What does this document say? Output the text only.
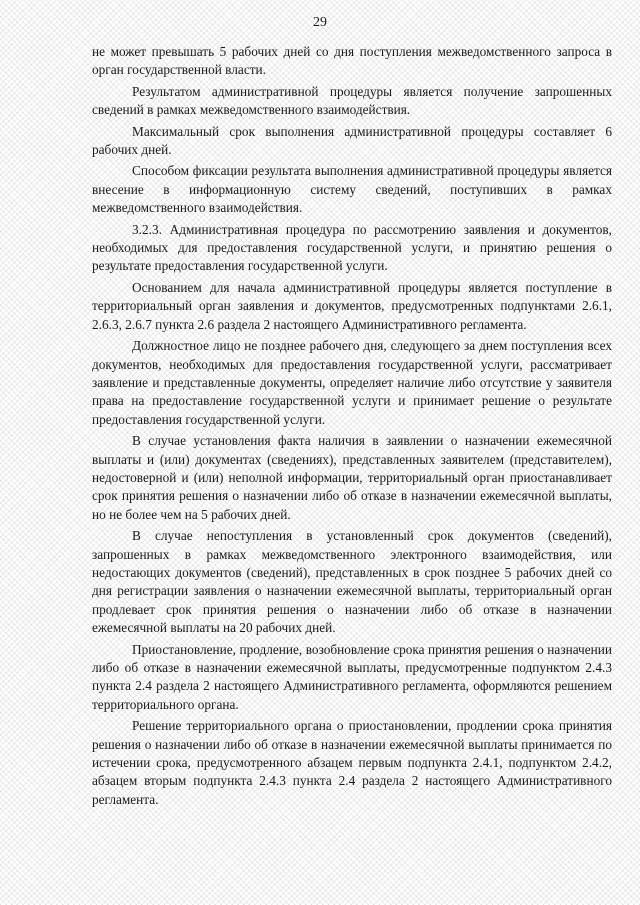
29

не может превышать 5 рабочих дней со дня поступления межведомственного запроса в орган государственной власти.

Результатом административной процедуры является получение запрошенных сведений в рамках межведомственного взаимодействия.

Максимальный срок выполнения административной процедуры составляет 6 рабочих дней.

Способом фиксации результата выполнения административной процедуры является внесение в информационную систему сведений, поступивших в рамках межведомственного взаимодействия.

3.2.3. Административная процедура по рассмотрению заявления и документов, необходимых для предоставления государственной услуги, и принятию решения о результате предоставления государственной услуги.

Основанием для начала административной процедуры является поступление в территориальный орган заявления и документов, предусмотренных подпунктами 2.6.1, 2.6.3, 2.6.7 пункта 2.6 раздела 2 настоящего Административного регламента.

Должностное лицо не позднее рабочего дня, следующего за днем поступления всех документов, необходимых для предоставления государственной услуги, рассматривает заявление и представленные документы, определяет наличие либо отсутствие у заявителя права на предоставление государственной услуги и принимает решение о результате предоставления государственной услуги.

В случае установления факта наличия в заявлении о назначении ежемесячной выплаты и (или) документах (сведениях), представленных заявителем (представителем), недостоверной и (или) неполной информации, территориальный орган приостанавливает срок принятия решения о назначении либо об отказе в назначении ежемесячной выплаты, но не более чем на 5 рабочих дней.

В случае непоступления в установленный срок документов (сведений), запрошенных в рамках межведомственного электронного взаимодействия, или недостающих документов (сведений), представленных в срок позднее 5 рабочих дней со дня регистрации заявления о назначении ежемесячной выплаты, территориальный орган продлевает срок принятия решения о назначении либо об отказе в назначении ежемесячной выплаты на 20 рабочих дней.

Приостановление, продление, возобновление срока принятия решения о назначении либо об отказе в назначении ежемесячной выплаты, предусмотренные подпунктом 2.4.3 пункта 2.4 раздела 2 настоящего Административного регламента, оформляются решением территориального органа.

Решение территориального органа о приостановлении, продлении срока принятия решения о назначении либо об отказе в назначении ежемесячной выплаты принимается по истечении срока, предусмотренного абзацем первым подпункта 2.4.1, подпунктом 2.4.2, абзацем вторым подпункта 2.4.3 пункта 2.4 раздела 2 настоящего Административного регламента.
